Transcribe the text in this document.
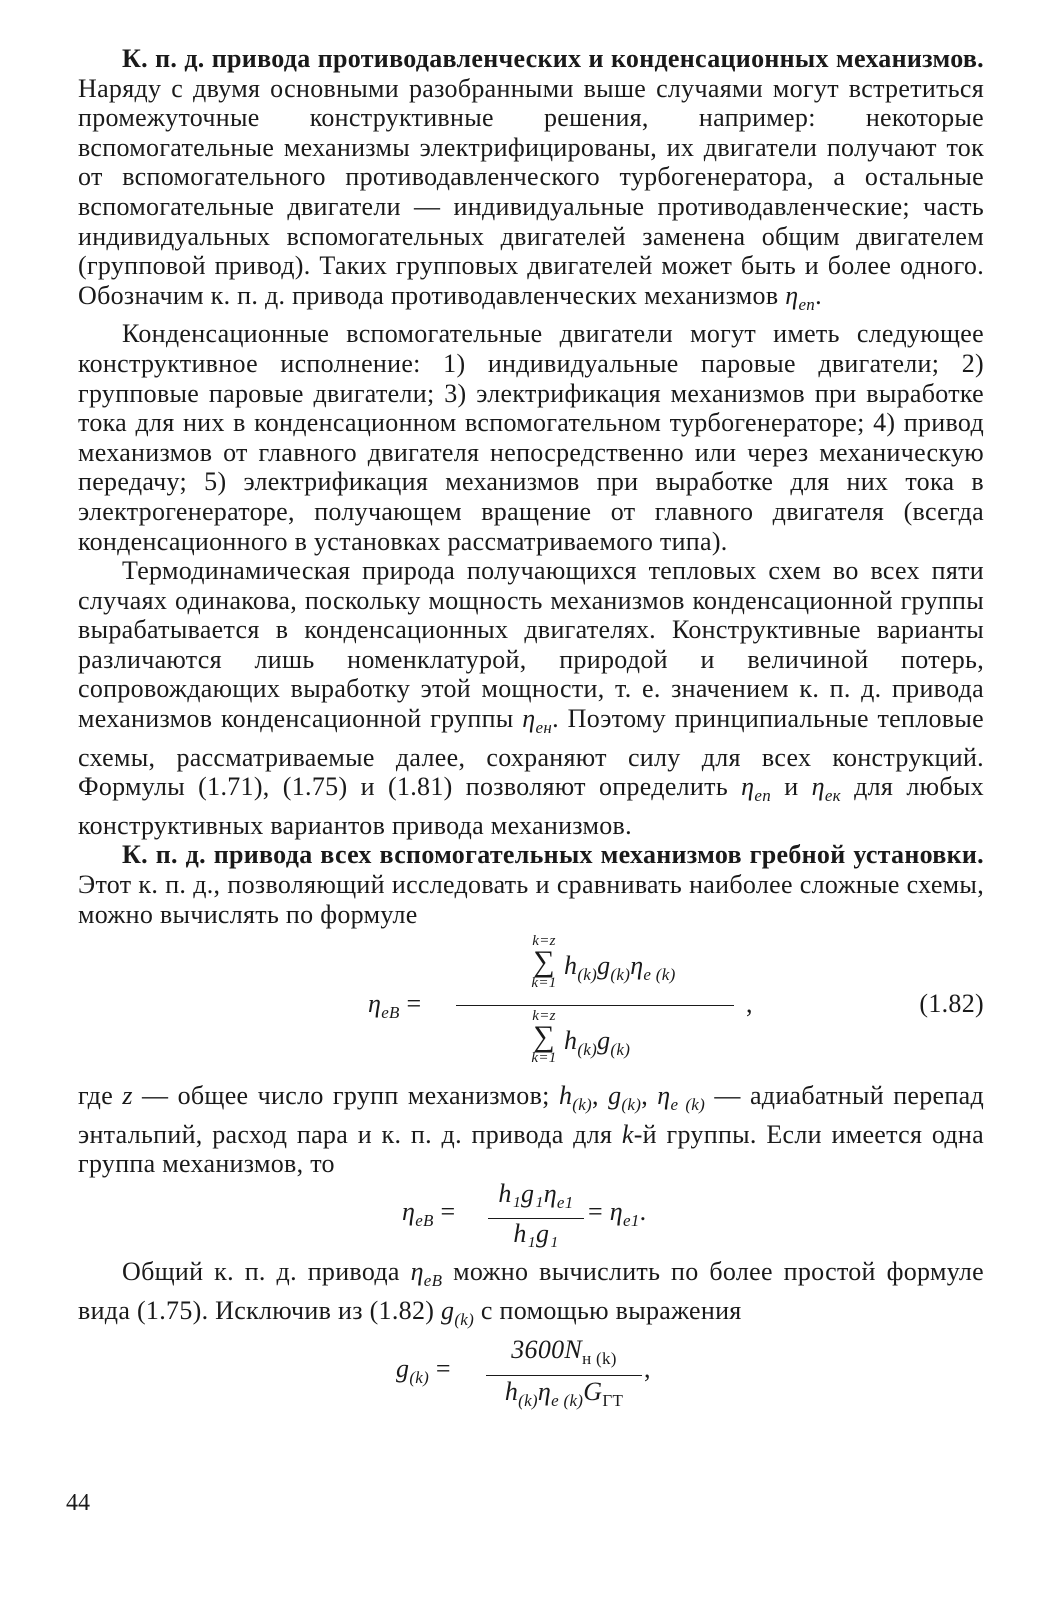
К. п. д. привода противодавленческих и конденсационных механизмов. Наряду с двумя основными разобранными выше случаями могут встретиться промежуточные конструктивные решения, например: некоторые вспомогательные механизмы электрифицированы, их двигатели получают ток от вспомогательного противодавленческого турбогенератора, а остальные вспомогательные двигатели — индивидуальные противодавленческие; часть индивидуальных вспомогательных двигателей заменена общим двигателем (групповой привод). Таких групповых двигателей может быть и более одного. Обозначим к. п. д. привода противодавленческих механизмов $\eta_{еп}$.

Конденсационные вспомогательные двигатели могут иметь следующее конструктивное исполнение: 1) индивидуальные паровые двигатели; 2) групповые паровые двигатели; 3) электрификация механизмов при выработке тока для них в конденсационном вспомогательном турбогенераторе; 4) привод механизмов от главного двигателя непосредственно или через механическую передачу; 5) электрификация механизмов при выработке для них тока в электрогенераторе, получающем вращение от главного двигателя (всегда конденсационного в установках рассматриваемого типа).

Термодинамическая природа получающихся тепловых схем во всех пяти случаях одинакова, поскольку мощность механизмов конденсационной группы вырабатывается в конденсационных двигателях. Конструктивные варианты различаются лишь номенклатурой, природой и величиной потерь, сопровождающих выработку этой мощности, т. е. значением к. п. д. привода механизмов конденсационной группы $\eta_{ен}$. Поэтому принципиальные тепловые схемы, рассматриваемые далее, сохраняют силу для всех конструкций. Формулы (1.71), (1.75) и (1.81) позволяют определить $\eta_{еп}$ и $\eta_{ек}$ для любых конструктивных вариантов привода механизмов.

К. п. д. привода всех вспомогательных механизмов гребной установки. Этот к. п. д., позволяющий исследовать и сравнивать наиболее сложные схемы, можно вычислять по формуле

$\eta_{еВ}$ =
k=z
∑
k=1
$h_{(k)}g_{(k)}\eta_{е (k)}$
k=z
∑
k=1
$h_{(k)}g_{(k)}$
,	(1.82)

где z — общее число групп механизмов; $h_{(k)}$, $g_{(k)}$, $\eta_{е (k)}$ — адиабатный перепад энтальпий, расход пара и к. п. д. привода для k-й группы. Если имеется одна группа механизмов, то

$\eta_{еВ}$ =
$h_1g_1\eta_{е1}$
h₁g₁
= $\eta_{е1}$.

Общий к. п. д. привода $\eta_{еВ}$ можно вычислить по более простой формуле вида (1.75). Исключив из (1.82) $g_{(k)}$ с помощью выражения

$g_{(k)}$ =
$3600N_{н (k)}$
$h_{(k)}\eta_{е (k)}G_{ГТ}$
,
44
